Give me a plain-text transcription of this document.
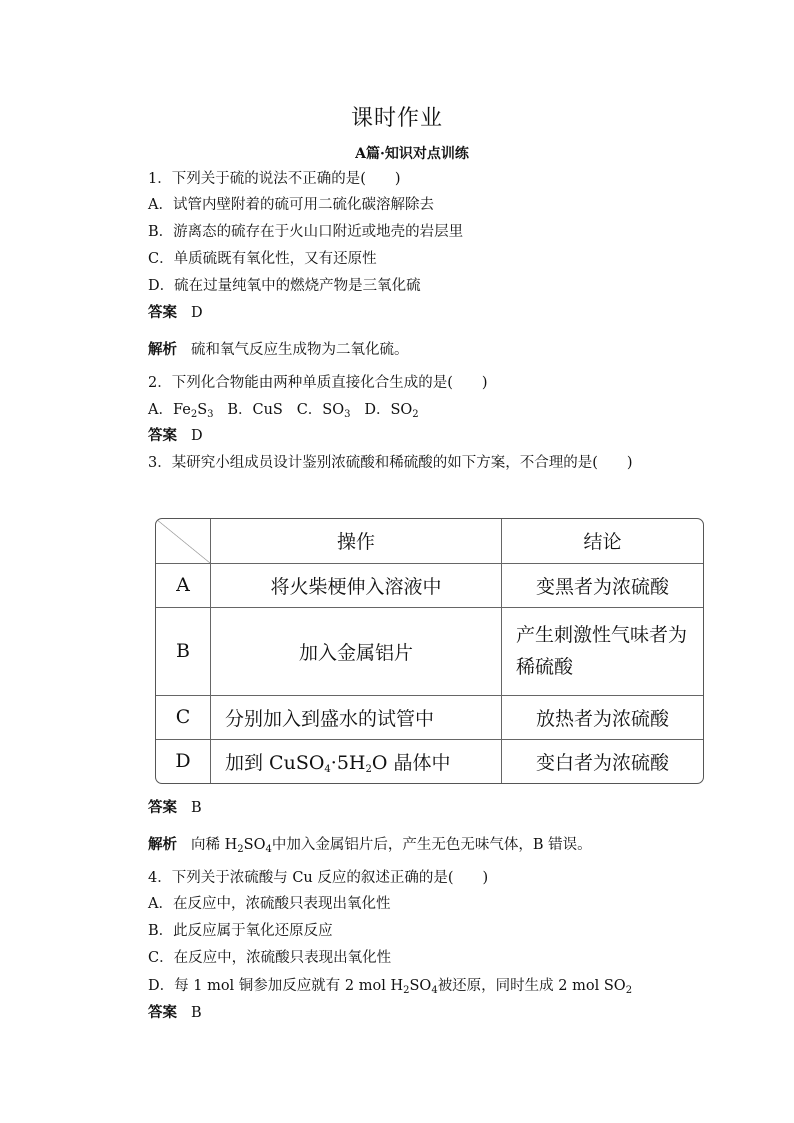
课时作业
A篇·知识对点训练
1．下列关于硫的说法不正确的是(　　)
A．试管内壁附着的硫可用二硫化碳溶解除去
B．游离态的硫存在于火山口附近或地壳的岩层里
C．单质硫既有氧化性，又有还原性
D．硫在过量纯氧中的燃烧产物是三氧化硫
答案 D
解析 硫和氧气反应生成物为二氧化硫。
2．下列化合物能由两种单质直接化合生成的是(　　)
A．$Fe_2S_3$ B．CuS C．$SO_3$ D．$SO_2$
答案 D
3．某研究小组成员设计鉴别浓硫酸和稀硫酸的如下方案，不合理的是(　　)
	操作	结论
A	将火柴梗伸入溶液中	变黑者为浓硫酸
B	加入金属铝片	产生刺激性气味者为稀硫酸
C	分别加入到盛水的试管中	放热者为浓硫酸
D	加到 $CuSO_4\cdot 5H_2O$ 晶体中	变白者为浓硫酸
答案 B
解析 向稀 $H_2SO_4$中加入金属铝片后，产生无色无味气体，B 错误。
4．下列关于浓硫酸与 Cu 反应的叙述正确的是(　　)
A．在反应中，浓硫酸只表现出氧化性
B．此反应属于氧化还原反应
C．在反应中，浓硫酸只表现出氧化性
D．每 1 mol 铜参加反应就有 2 mol $H_2SO_4$被还原，同时生成 2 mol $SO_2$
答案 B
